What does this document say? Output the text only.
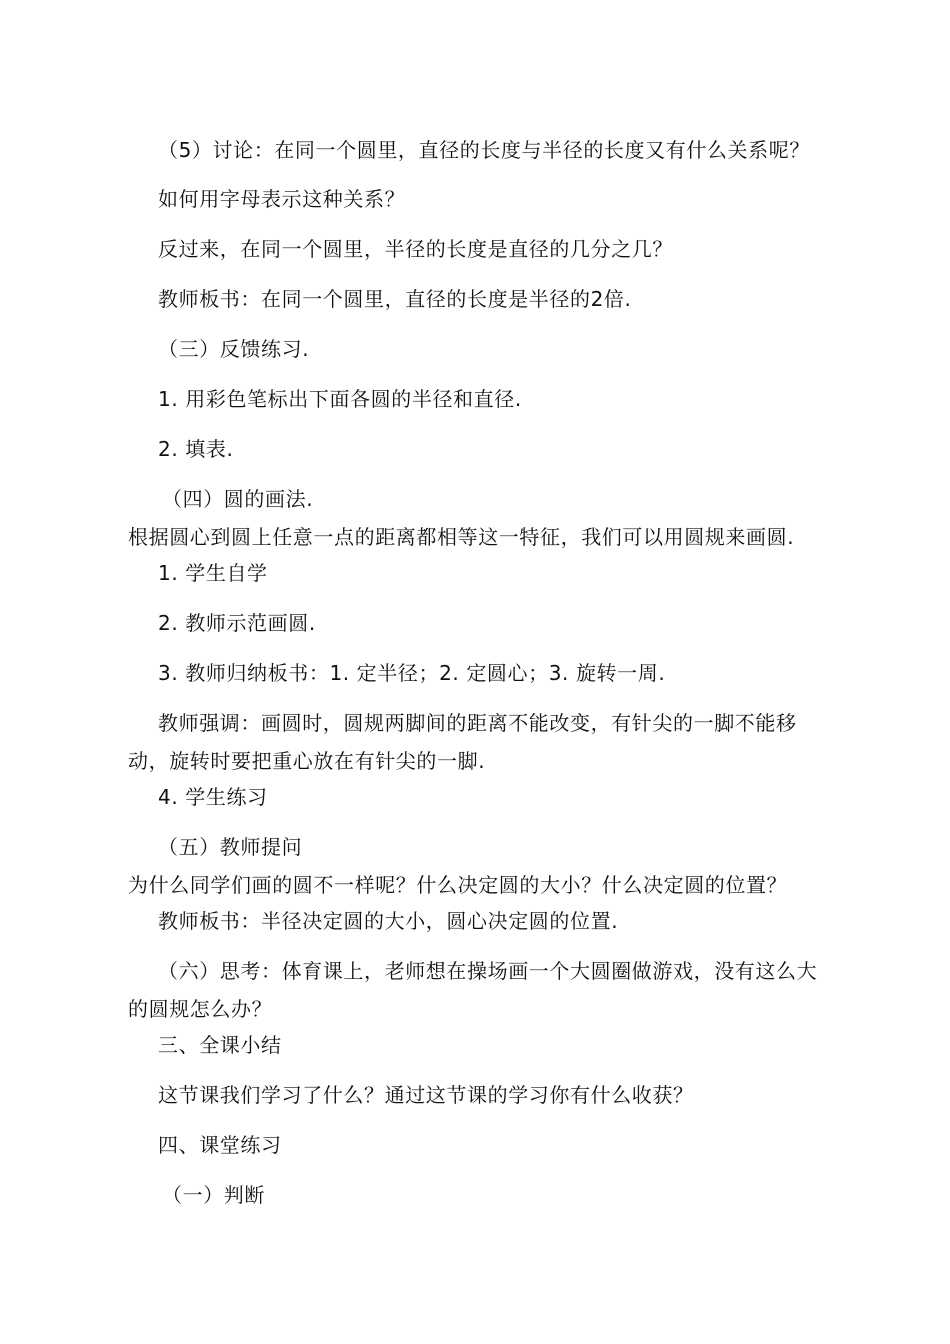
（5）讨论：在同一个圆里，直径的长度与半径的长度又有什么关系呢？
如何用字母表示这种关系？
反过来，在同一个圆里，半径的长度是直径的几分之几？
教师板书：在同一个圆里，直径的长度是半径的2倍.
（三）反馈练习.
1. 用彩色笔标出下面各圆的半径和直径.
2. 填表.
（四）圆的画法.
根据圆心到圆上任意一点的距离都相等这一特征，我们可以用圆规来画圆.
1. 学生自学
2. 教师示范画圆.
3. 教师归纳板书：1. 定半径；2. 定圆心；3. 旋转一周.
教师强调：画圆时，圆规两脚间的距离不能改变，有针尖的一脚不能移
动，旋转时要把重心放在有针尖的一脚.
4. 学生练习
（五）教师提问
为什么同学们画的圆不一样呢？什么决定圆的大小？什么决定圆的位置？
教师板书：半径决定圆的大小，圆心决定圆的位置.
（六）思考：体育课上，老师想在操场画一个大圆圈做游戏，没有这么大
的圆规怎么办？
三、全课小结
这节课我们学习了什么？通过这节课的学习你有什么收获？
四、课堂练习
（一）判断
